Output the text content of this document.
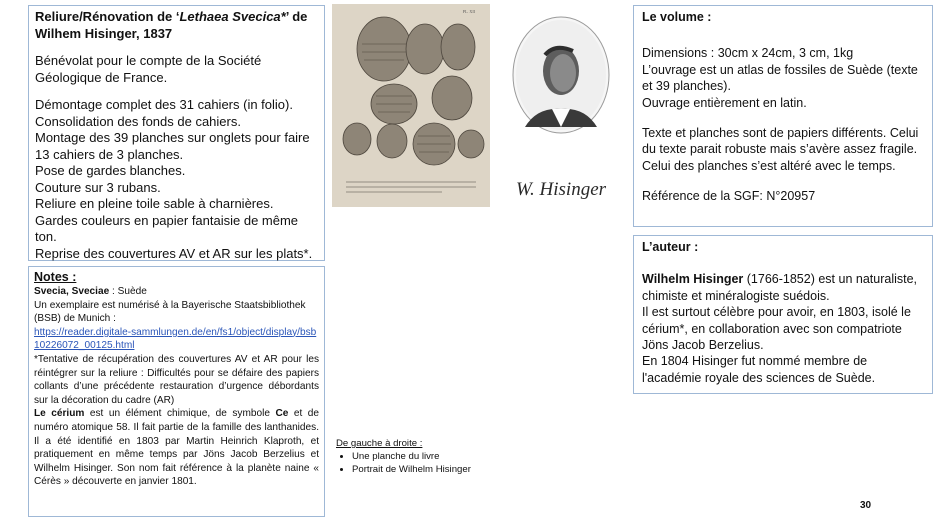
Reliure/Rénovation de ‘Lethaea Svecica*’ de Wilhem Hisinger, 1837

Bénévolat pour le compte de la Société Géologique de France.

Démontage complet des 31 cahiers (in folio).

Consolidation des fonds de cahiers.

Montage des 39 planches sur onglets pour faire 13 cahiers de 3 planches.

Pose de gardes blanches.

Couture sur 3 rubans.

Reliure en pleine toile sable à charnières.

Gardes couleurs en papier fantaisie de même ton.

Reprise des couvertures AV et AR sur les plats*.

Notes :

Svecia, Sveciae : Suède

Un exemplaire est numérisé à la Bayerische Staatsbibliothek (BSB) de Munich :

https://reader.digitale-sammlungen.de/en/fs1/object/display/bsb10226072_00125.html

*Tentative de récupération des couvertures AV et AR pour les réintégrer sur la reliure : Difficultés pour se défaire des papiers collants d’une précédente restauration d’urgence débordants sur la décoration du cadre (AR)

Le cérium est un élément chimique, de symbole Ce et de numéro atomique 58. Il fait partie de la famille des lanthanides. Il a été identifié en 1803 par Martin Heinrich Klaproth, et pratiquement en même temps par Jöns Jacob Berzelius et Wilhelm Hisinger. Son nom fait référence à la planète naine « Cérès » découverte en janvier 1801.

PL. XII
W. Hisinger

Le volume :

Dimensions : 30cm x 24cm, 3 cm, 1kg

L’ouvrage est un atlas de fossiles de Suède (texte et 39 planches).

Ouvrage entièrement en latin.

Texte et planches sont de papiers différents. Celui du texte parait robuste mais s’avère assez fragile. Celui des planches s’est altéré avec le temps.

Référence de la SGF: N°20957

L’auteur :

Wilhelm Hisinger (1766-1852) est un naturaliste, chimiste et minéralogiste suédois.

Il est surtout célèbre pour avoir, en 1803, isolé le cérium*, en collaboration avec son compatriote Jöns Jacob Berzelius.

En 1804 Hisinger fut nommé membre de l'académie royale des sciences de Suède.

De gauche à droite :
• Une planche du livre
• Portrait de Wilhelm Hisinger
30
